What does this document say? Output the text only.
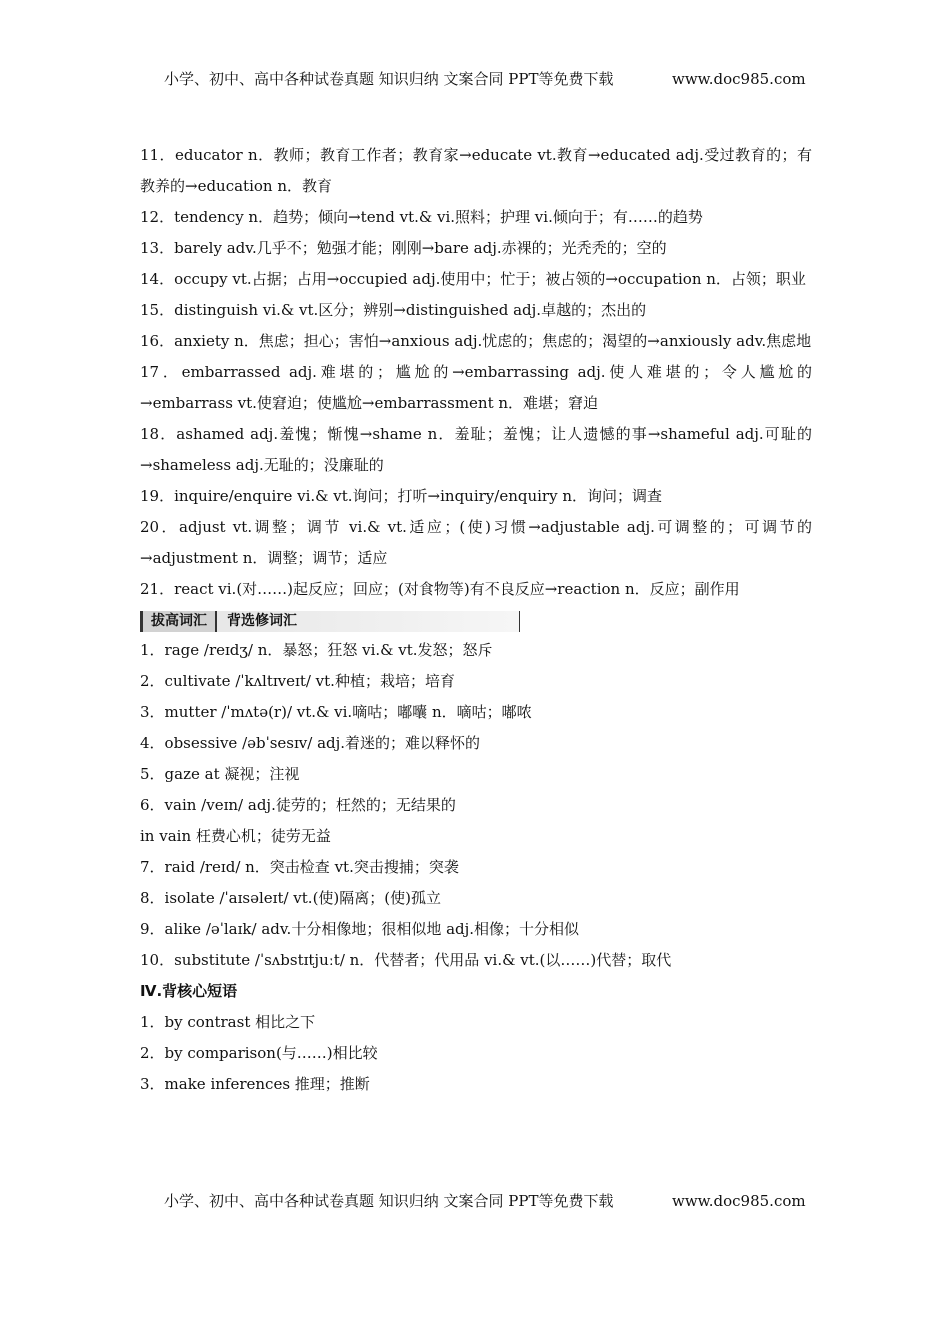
小学、初中、高中各种试卷真题 知识归纳 文案合同 PPT等免费下载	www.doc985.com

11．educator n．教师；教育工作者；教育家→educate vt.教育→educated adj.受过教育的；有教养的→education n．教育

12．tendency n．趋势；倾向→tend vt.& vi.照料；护理 vi.倾向于；有……的趋势

13．barely adv.几乎不；勉强才能；刚刚→bare adj.赤裸的；光秃秃的；空的

14．occupy vt.占据；占用→occupied adj.使用中；忙于；被占领的→occupation n．占领；职业

15．distinguish vi.& vt.区分；辨别→distinguished adj.卓越的；杰出的

16．anxiety n．焦虑；担心；害怕→anxious adj.忧虑的；焦虑的；渴望的→anxiously adv.焦虑地

17．embarrassed adj.难堪的；尴尬的→embarrassing adj.使人难堪的；令人尴尬的→embarrass vt.使窘迫；使尴尬→embarrassment n．难堪；窘迫

18．ashamed adj.羞愧；惭愧→shame n．羞耻；羞愧；让人遗憾的事→shameful adj.可耻的→shameless adj.无耻的；没廉耻的

19．inquire/enquire vi.& vt.询问；打听→inquiry/enquiry n．询问；调查

20．adjust vt.调整；调节 vi.& vt.适应；(使)习惯→adjustable adj.可调整的；可调节的→adjustment n．调整；调节；适应

21．react vi.(对……)起反应；回应；(对食物等)有不良反应→reaction n．反应；副作用

拔高词汇	背选修词汇

1．rage /reɪdʒ/ n．暴怒；狂怒 vi.& vt.发怒；怒斥

2．cultivate /ˈkʌltɪveɪt/ vt.种植；栽培；培育

3．mutter /ˈmʌtə(r)/ vt.& vi.嘀咕；嘟囔 n．嘀咕；嘟哝

4．obsessive /əbˈsesɪv/ adj.着迷的；难以释怀的

5．gaze at 凝视；注视

6．vain /veɪn/ adj.徒劳的；枉然的；无结果的

in vain 枉费心机；徒劳无益

7．raid /reɪd/ n．突击检查 vt.突击搜捕；突袭

8．isolate /ˈaɪsəleɪt/ vt.(使)隔离；(使)孤立

9．alike /əˈlaɪk/ adv.十分相像地；很相似地 adj.相像；十分相似

10．substitute /ˈsʌbstɪtjuːt/ n．代替者；代用品 vi.& vt.(以……)代替；取代

Ⅳ.背核心短语

1．by contrast 相比之下

2．by comparison(与……)相比较

3．make inferences 推理；推断

小学、初中、高中各种试卷真题 知识归纳 文案合同 PPT等免费下载	www.doc985.com
